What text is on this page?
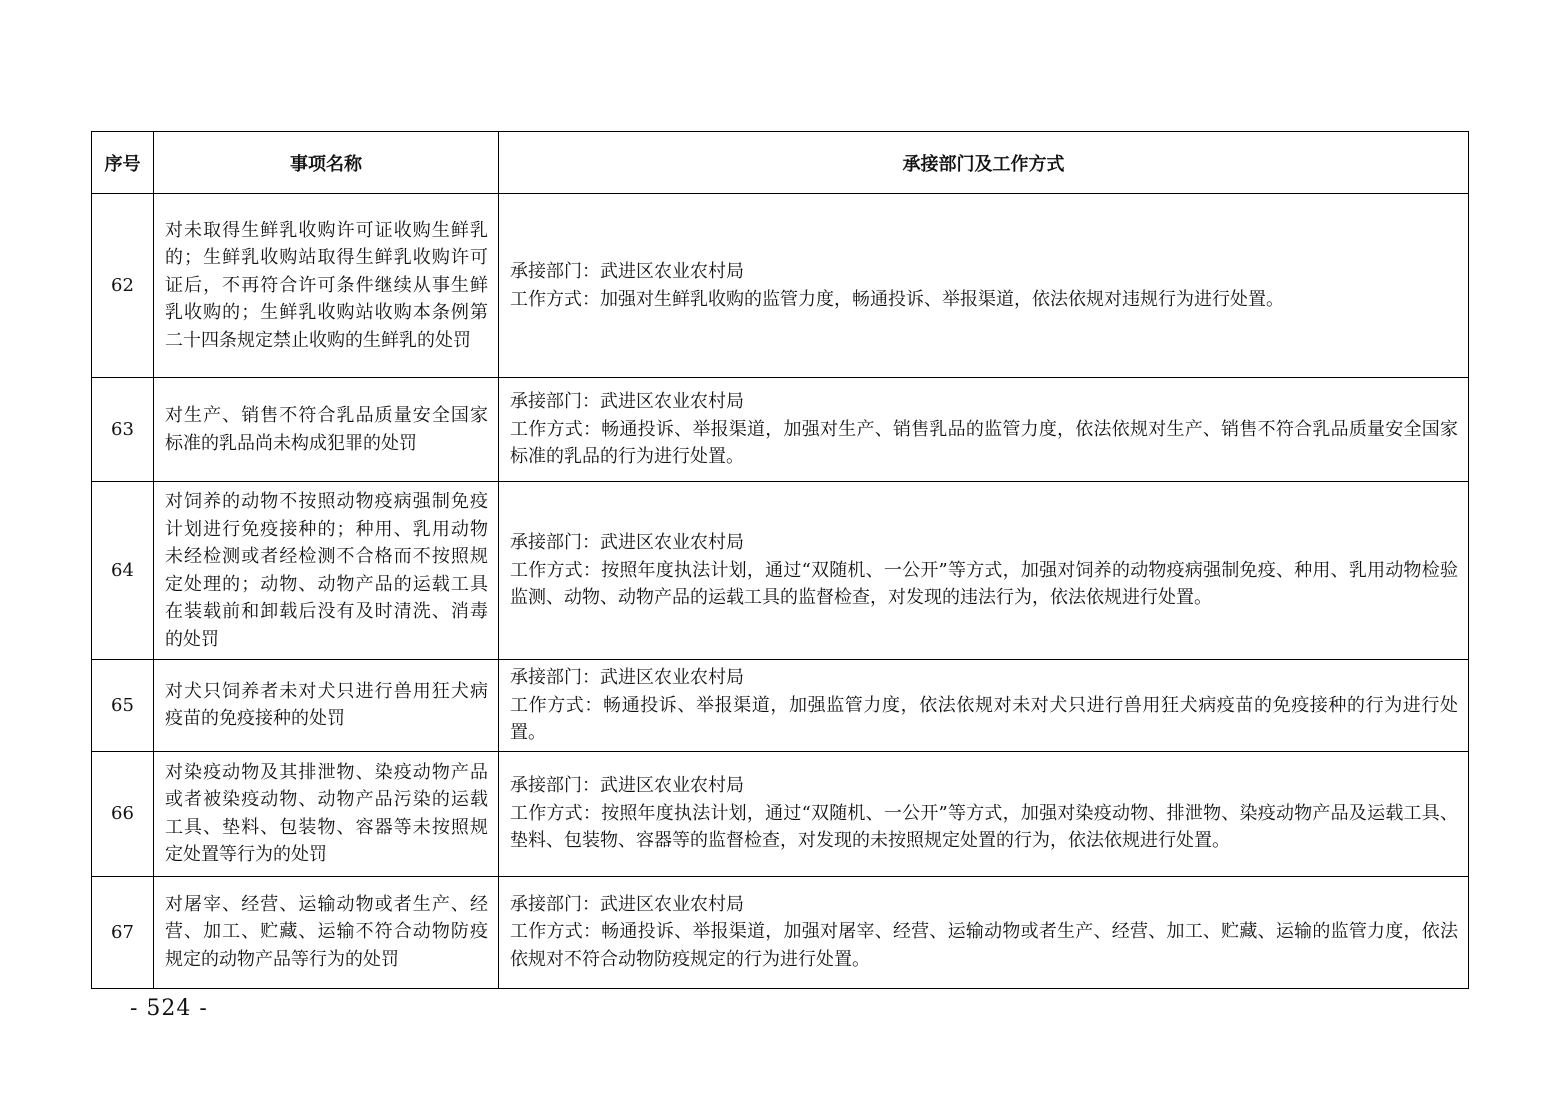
序号	事项名称	承接部门及工作方式
62	对未取得生鲜乳收购许可证收购生鲜乳的；生鲜乳收购站取得生鲜乳收购许可证后，不再符合许可条件继续从事生鲜乳收购的；生鲜乳收购站收购本条例第二十四条规定禁止收购的生鲜乳的处罚	承接部门：武进区农业农村局
工作方式：加强对生鲜乳收购的监管力度，畅通投诉、举报渠道，依法依规对违规行为进行处置。

63	对生产、销售不符合乳品质量安全国家标准的乳品尚未构成犯罪的处罚	承接部门：武进区农业农村局
工作方式：畅通投诉、举报渠道，加强对生产、销售乳品的监管力度，依法依规对生产、销售不符合乳品质量安全国家标准的乳品的行为进行处置。

64	对饲养的动物不按照动物疫病强制免疫计划进行免疫接种的；种用、乳用动物未经检测或者经检测不合格而不按照规定处理的；动物、动物产品的运载工具在装载前和卸载后没有及时清洗、消毒的处罚	承接部门：武进区农业农村局
工作方式：按照年度执法计划，通过“双随机、一公开”等方式，加强对饲养的动物疫病强制免疫、种用、乳用动物检验监测、动物、动物产品的运载工具的监督检查，对发现的违法行为，依法依规进行处置。

65	对犬只饲养者未对犬只进行兽用狂犬病疫苗的免疫接种的处罚	承接部门：武进区农业农村局
工作方式：畅通投诉、举报渠道，加强监管力度，依法依规对未对犬只进行兽用狂犬病疫苗的免疫接种的行为进行处置。

66	对染疫动物及其排泄物、染疫动物产品或者被染疫动物、动物产品污染的运载工具、垫料、包装物、容器等未按照规定处置等行为的处罚	承接部门：武进区农业农村局
工作方式：按照年度执法计划，通过“双随机、一公开”等方式，加强对染疫动物、排泄物、染疫动物产品及运载工具、垫料、包装物、容器等的监督检查，对发现的未按照规定处置的行为，依法依规进行处置。

67	对屠宰、经营、运输动物或者生产、经营、加工、贮藏、运输不符合动物防疫规定的动物产品等行为的处罚	承接部门：武进区农业农村局
工作方式：畅通投诉、举报渠道，加强对屠宰、经营、运输动物或者生产、经营、加工、贮藏、运输的监管力度，依法依规对不符合动物防疫规定的行为进行处置。
- 524 -
